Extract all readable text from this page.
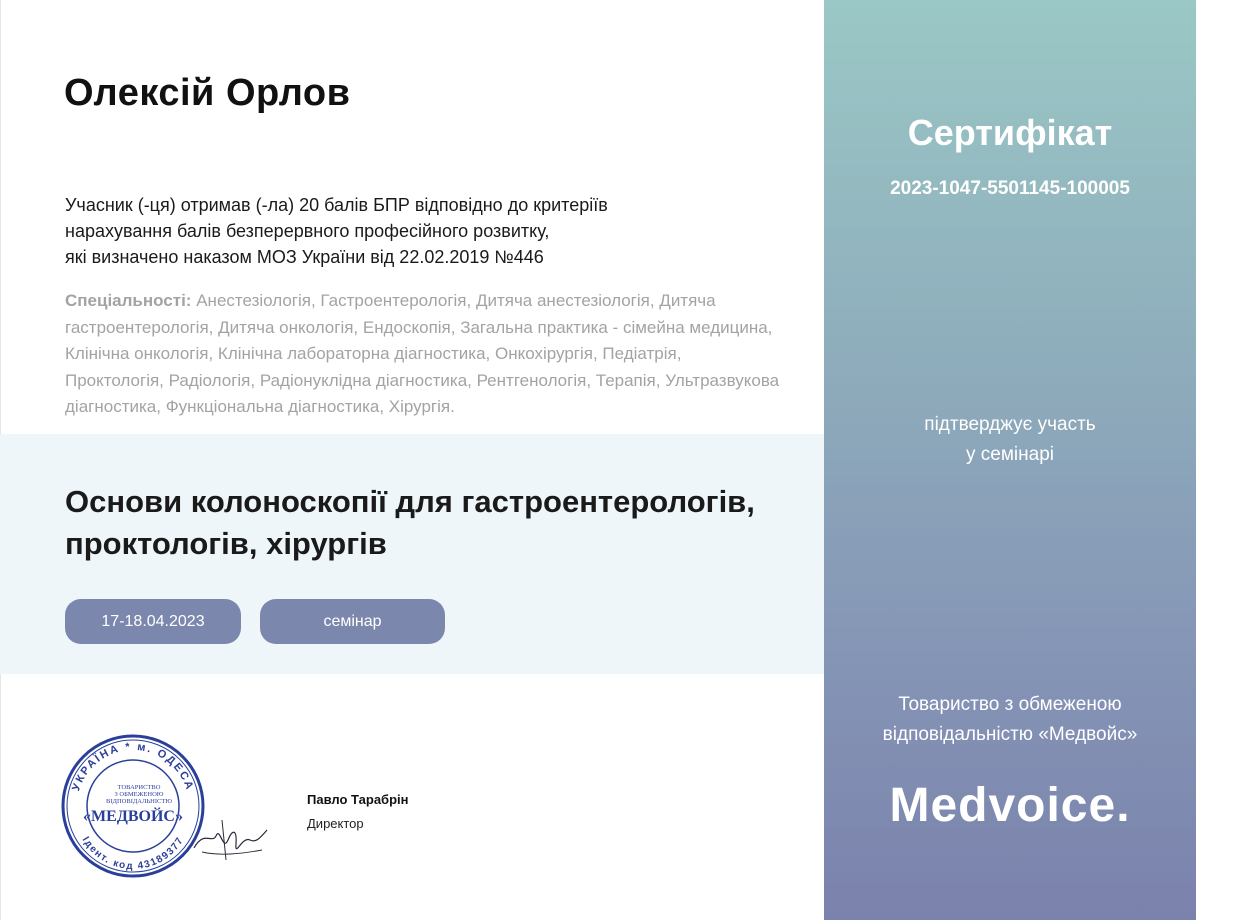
Олексій Орлов
Учасник (-ця) отримав (-ла) 20 балів БПР відповідно до критеріїв
нарахування балів безперервного професійного розвитку,
які визначено наказом МОЗ України від 22.02.2019 №446
Спеціальності: Анестезіологія, Гастроентерологія, Дитяча анестезіологія, Дитяча гастроентерологія, Дитяча онкологія, Ендоскопія, Загальна практика - сімейна медицина, Клінічна онкологія, Клінічна лабораторна діагностика, Онкохірургія, Педіатрія, Проктологія, Радіологія, Радіонуклідна діагностика, Рентгенологія, Терапія, Ультразвукова діагностика, Функціональна діагностика, Хірургія.
Основи колоноскопії для гастроентерологів,
проктологів, хірургів
17-18.04.2023	семінар
УКРАЇНА * м. ОДЕСА
Ідент. код 43189377
ТОВАРИСТВО
З ОБМЕЖЕНОЮ
ВІДПОВІДАЛЬНІСТЮ
«МЕДВОЙС»
Павло Тарабрін
Директор
Сертифікат
2023-1047-5501145-100005
підтверджує участь
у семінарі
Товариство з обмеженою
відповідальністю «Медвойс»
Medvoice.
